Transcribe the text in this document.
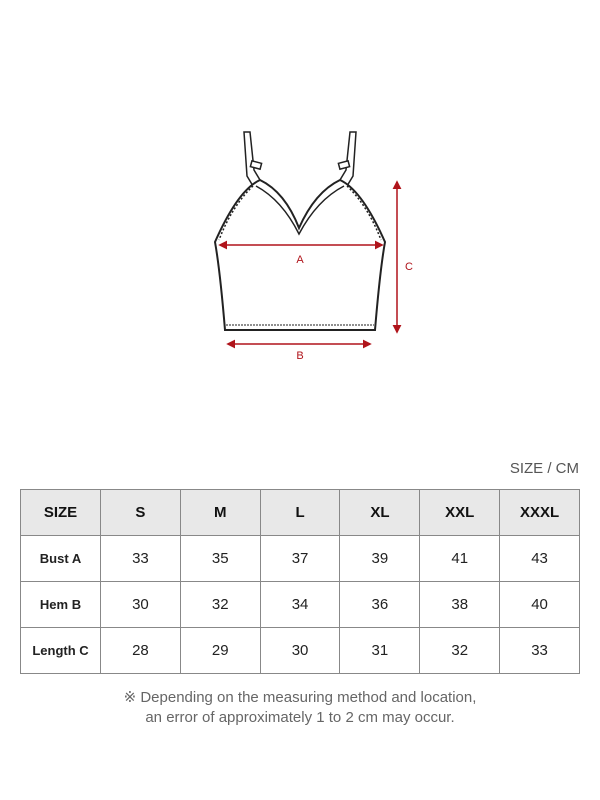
A
B
C
SIZE / CM
SIZE	S	M	L	XL	XXL	XXXL
Bust A	33	35	37	39	41	43
Hem B	30	32	34	36	38	40
Length C	28	29	30	31	32	33
※ Depending on the measuring method and location,
an error of approximately 1 to 2 cm may occur.
